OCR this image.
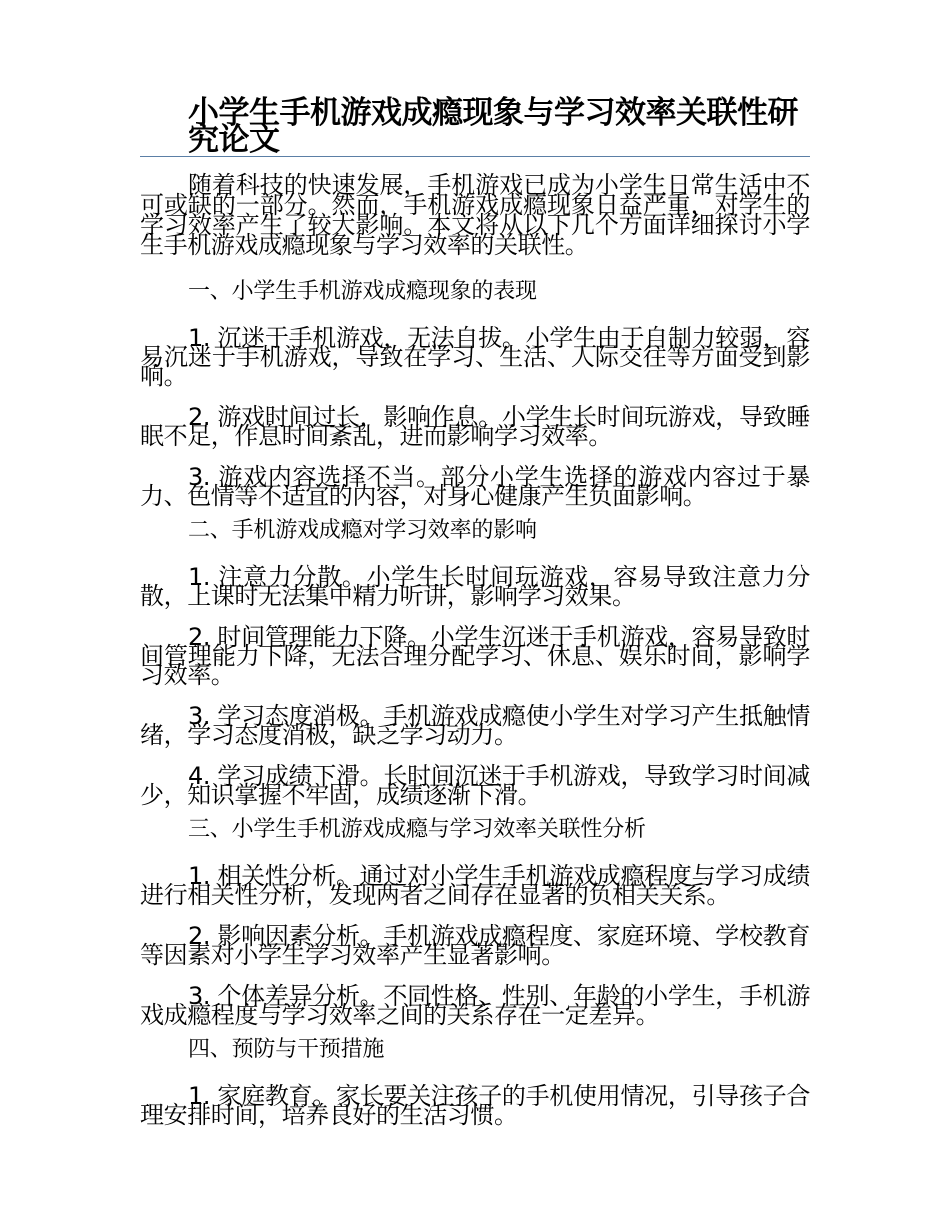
小学生手机游戏成瘾现象与学习效率关联性研究论文

随着科技的快速发展，手机游戏已成为小学生日常生活中不可或缺的一部分。然而，手机游戏成瘾现象日益严重，对学生的学习效率产生了较大影响。本文将从以下几个方面详细探讨小学生手机游戏成瘾现象与学习效率的关联性。

一、小学生手机游戏成瘾现象的表现

1. 沉迷于手机游戏，无法自拔。小学生由于自制力较弱，容易沉迷于手机游戏，导致在学习、生活、人际交往等方面受到影响。

2. 游戏时间过长，影响作息。小学生长时间玩游戏，导致睡眠不足，作息时间紊乱，进而影响学习效率。

3. 游戏内容选择不当。部分小学生选择的游戏内容过于暴力、色情等不适宜的内容，对身心健康产生负面影响。

二、手机游戏成瘾对学习效率的影响

1. 注意力分散。小学生长时间玩游戏，容易导致注意力分散，上课时无法集中精力听讲，影响学习效果。

2. 时间管理能力下降。小学生沉迷于手机游戏，容易导致时间管理能力下降，无法合理分配学习、休息、娱乐时间，影响学习效率。

3. 学习态度消极。手机游戏成瘾使小学生对学习产生抵触情绪，学习态度消极，缺乏学习动力。

4. 学习成绩下滑。长时间沉迷于手机游戏，导致学习时间减少，知识掌握不牢固，成绩逐渐下滑。

三、小学生手机游戏成瘾与学习效率关联性分析

1. 相关性分析。通过对小学生手机游戏成瘾程度与学习成绩进行相关性分析，发现两者之间存在显著的负相关关系。

2. 影响因素分析。手机游戏成瘾程度、家庭环境、学校教育等因素对小学生学习效率产生显著影响。

3. 个体差异分析。不同性格、性别、年龄的小学生，手机游戏成瘾程度与学习效率之间的关系存在一定差异。

四、预防与干预措施

1. 家庭教育。家长要关注孩子的手机使用情况，引导孩子合理安排时间，培养良好的生活习惯。
